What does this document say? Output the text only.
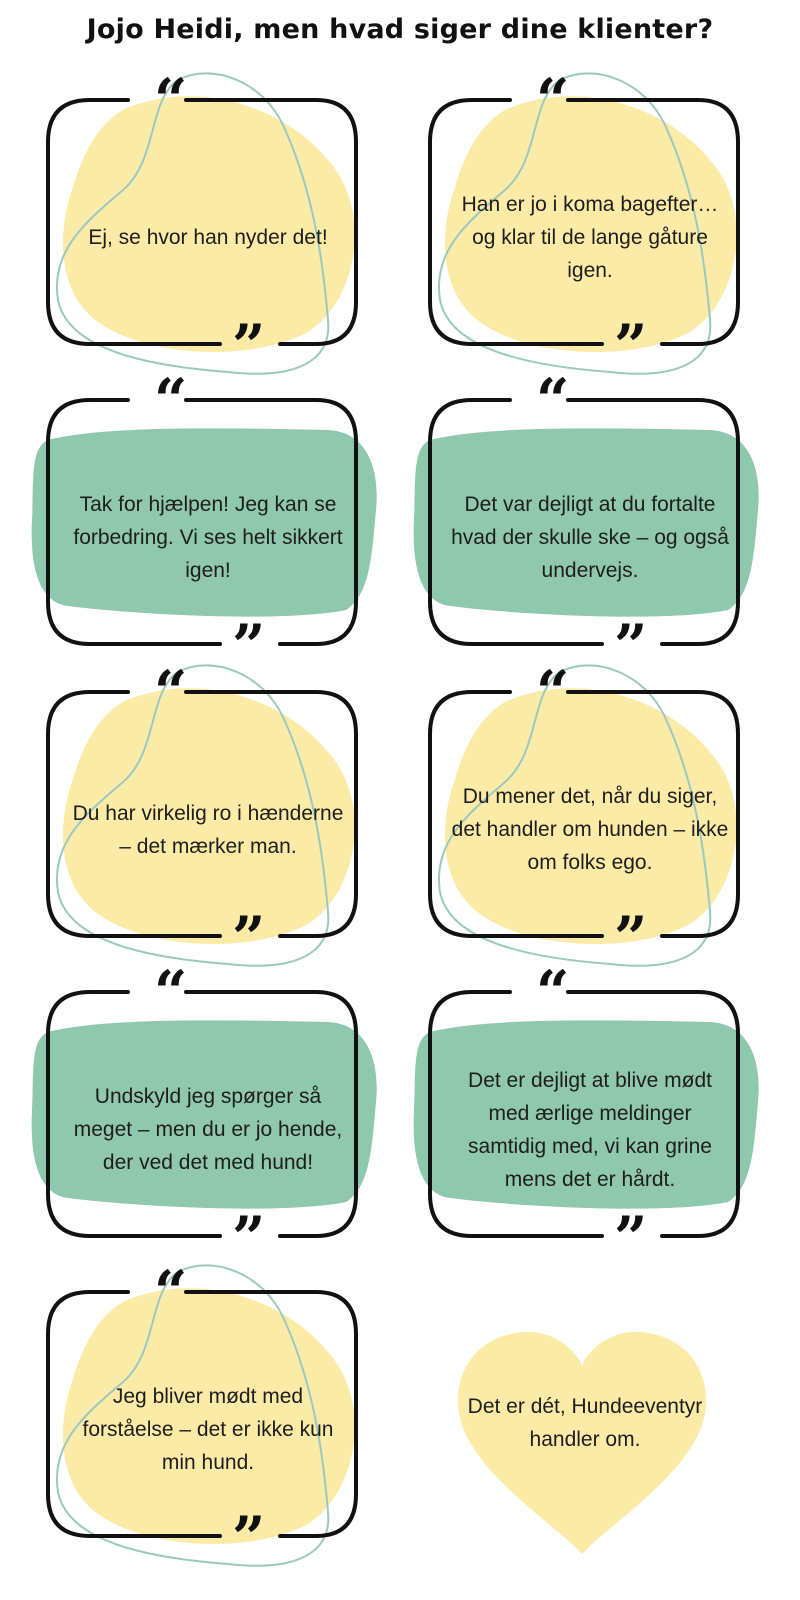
Jojo Heidi, men hvad siger dine klienter?
“
”
Ej, se hvor han nyder det!
“
”
Han er jo i koma bagefter… og klar til de lange gåture igen.
“
”
Tak for hjælpen! Jeg kan se forbedring. Vi ses helt sikkert igen!
“
”
Det var dejligt at du fortalte hvad der skulle ske – og også undervejs.
“
”
Du har virkelig ro i hænderne – det mærker man.
“
”
Du mener det, når du siger, det handler om hunden – ikke om folks ego.
“
”
Undskyld jeg spørger så meget – men du er jo hende, der ved det med hund!
“
”
Det er dejligt at blive mødt med ærlige meldinger samtidig med, vi kan grine mens det er hårdt.
“
”
Jeg bliver mødt med forståelse – det er ikke kun min hund.
Det er dét, Hundeeventyr handler om.
